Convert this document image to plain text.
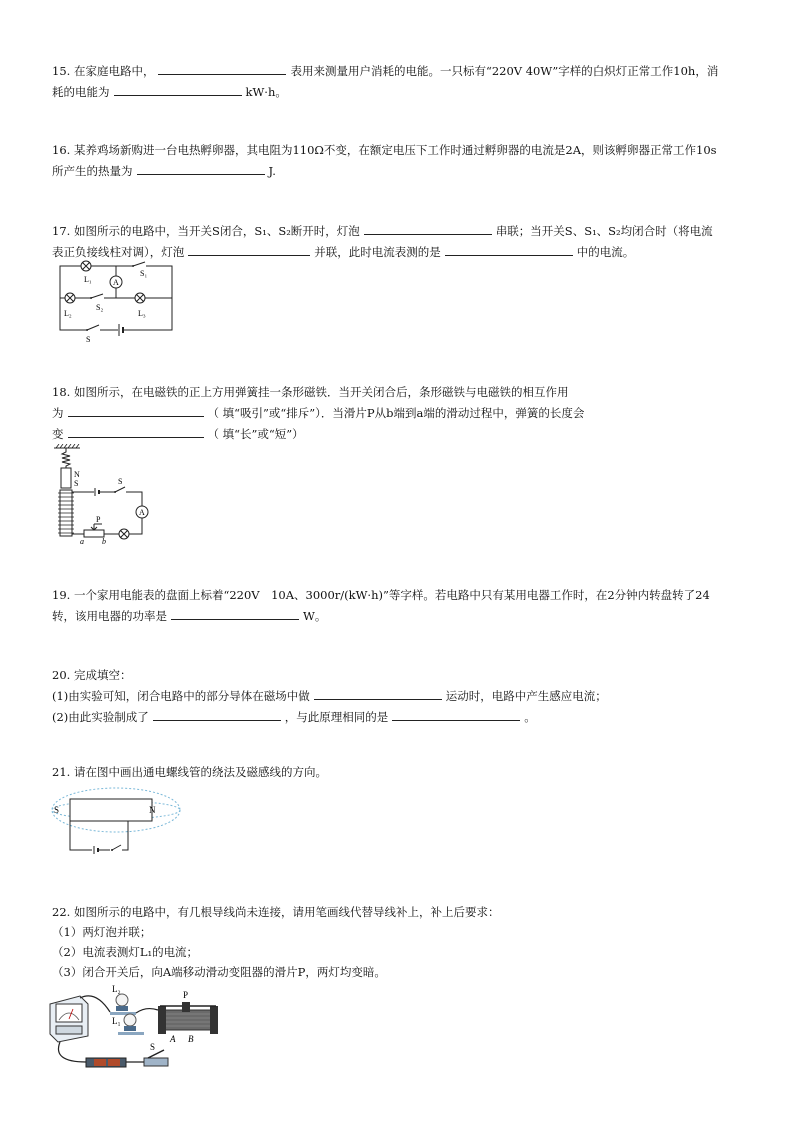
15. 在家庭电路中，	表用来测量用户消耗的电能。一只标有“220V 40W”字样的白炽灯正常工作10h，消
耗的电能为	kW·h。
16. 某养鸡场新购进一台电热孵卵器，其电阻为110Ω不变，在额定电压下工作时通过孵卵器的电流是2A，则该孵卵器正常工作10s
所产生的热量为	J.
17. 如图所示的电路中，当开关S闭合，S₁、S₂断开时，灯泡	串联；当开关S、S₁、S₂均闭合时（将电流
表正负接线柱对调），灯泡	并联，此时电流表测的是	中的电流。
L₁
S₁
A
L₂
S₂
L₃
S
18. 如图所示，在电磁铁的正上方用弹簧挂一条形磁铁．当开关闭合后，条形磁铁与电磁铁的相互作用
为	（ 填“吸引”或“排斥”）．当滑片P从b端到a端的滑动过程中，弹簧的长度会
变	（ 填“长”或“短”）
N
S	S
A
P
a b
19. 一个家用电能表的盘面上标着“220V　10A、3000r/(kW·h)”等字样。若电路中只有某用电器工作时，在2分钟内转盘转了24
转，该用电器的功率是	W。
20. 完成填空：
(1)由实验可知，闭合电路中的部分导体在磁场中做	运动时，电路中产生感应电流；
(2)由此实验制成了	，与此原理相同的是	。
21. 请在图中画出通电螺线管的绕法及磁感线的方向。
S	N
22. 如图所示的电路中，有几根导线尚未连接，请用笔画线代替导线补上，补上后要求：
（1）两灯泡并联；
（2）电流表测灯L₁的电流；
（3）闭合开关后，向A端移动滑动变阻器的滑片P，两灯均变暗。
L₂
L₁
P
A B
S
